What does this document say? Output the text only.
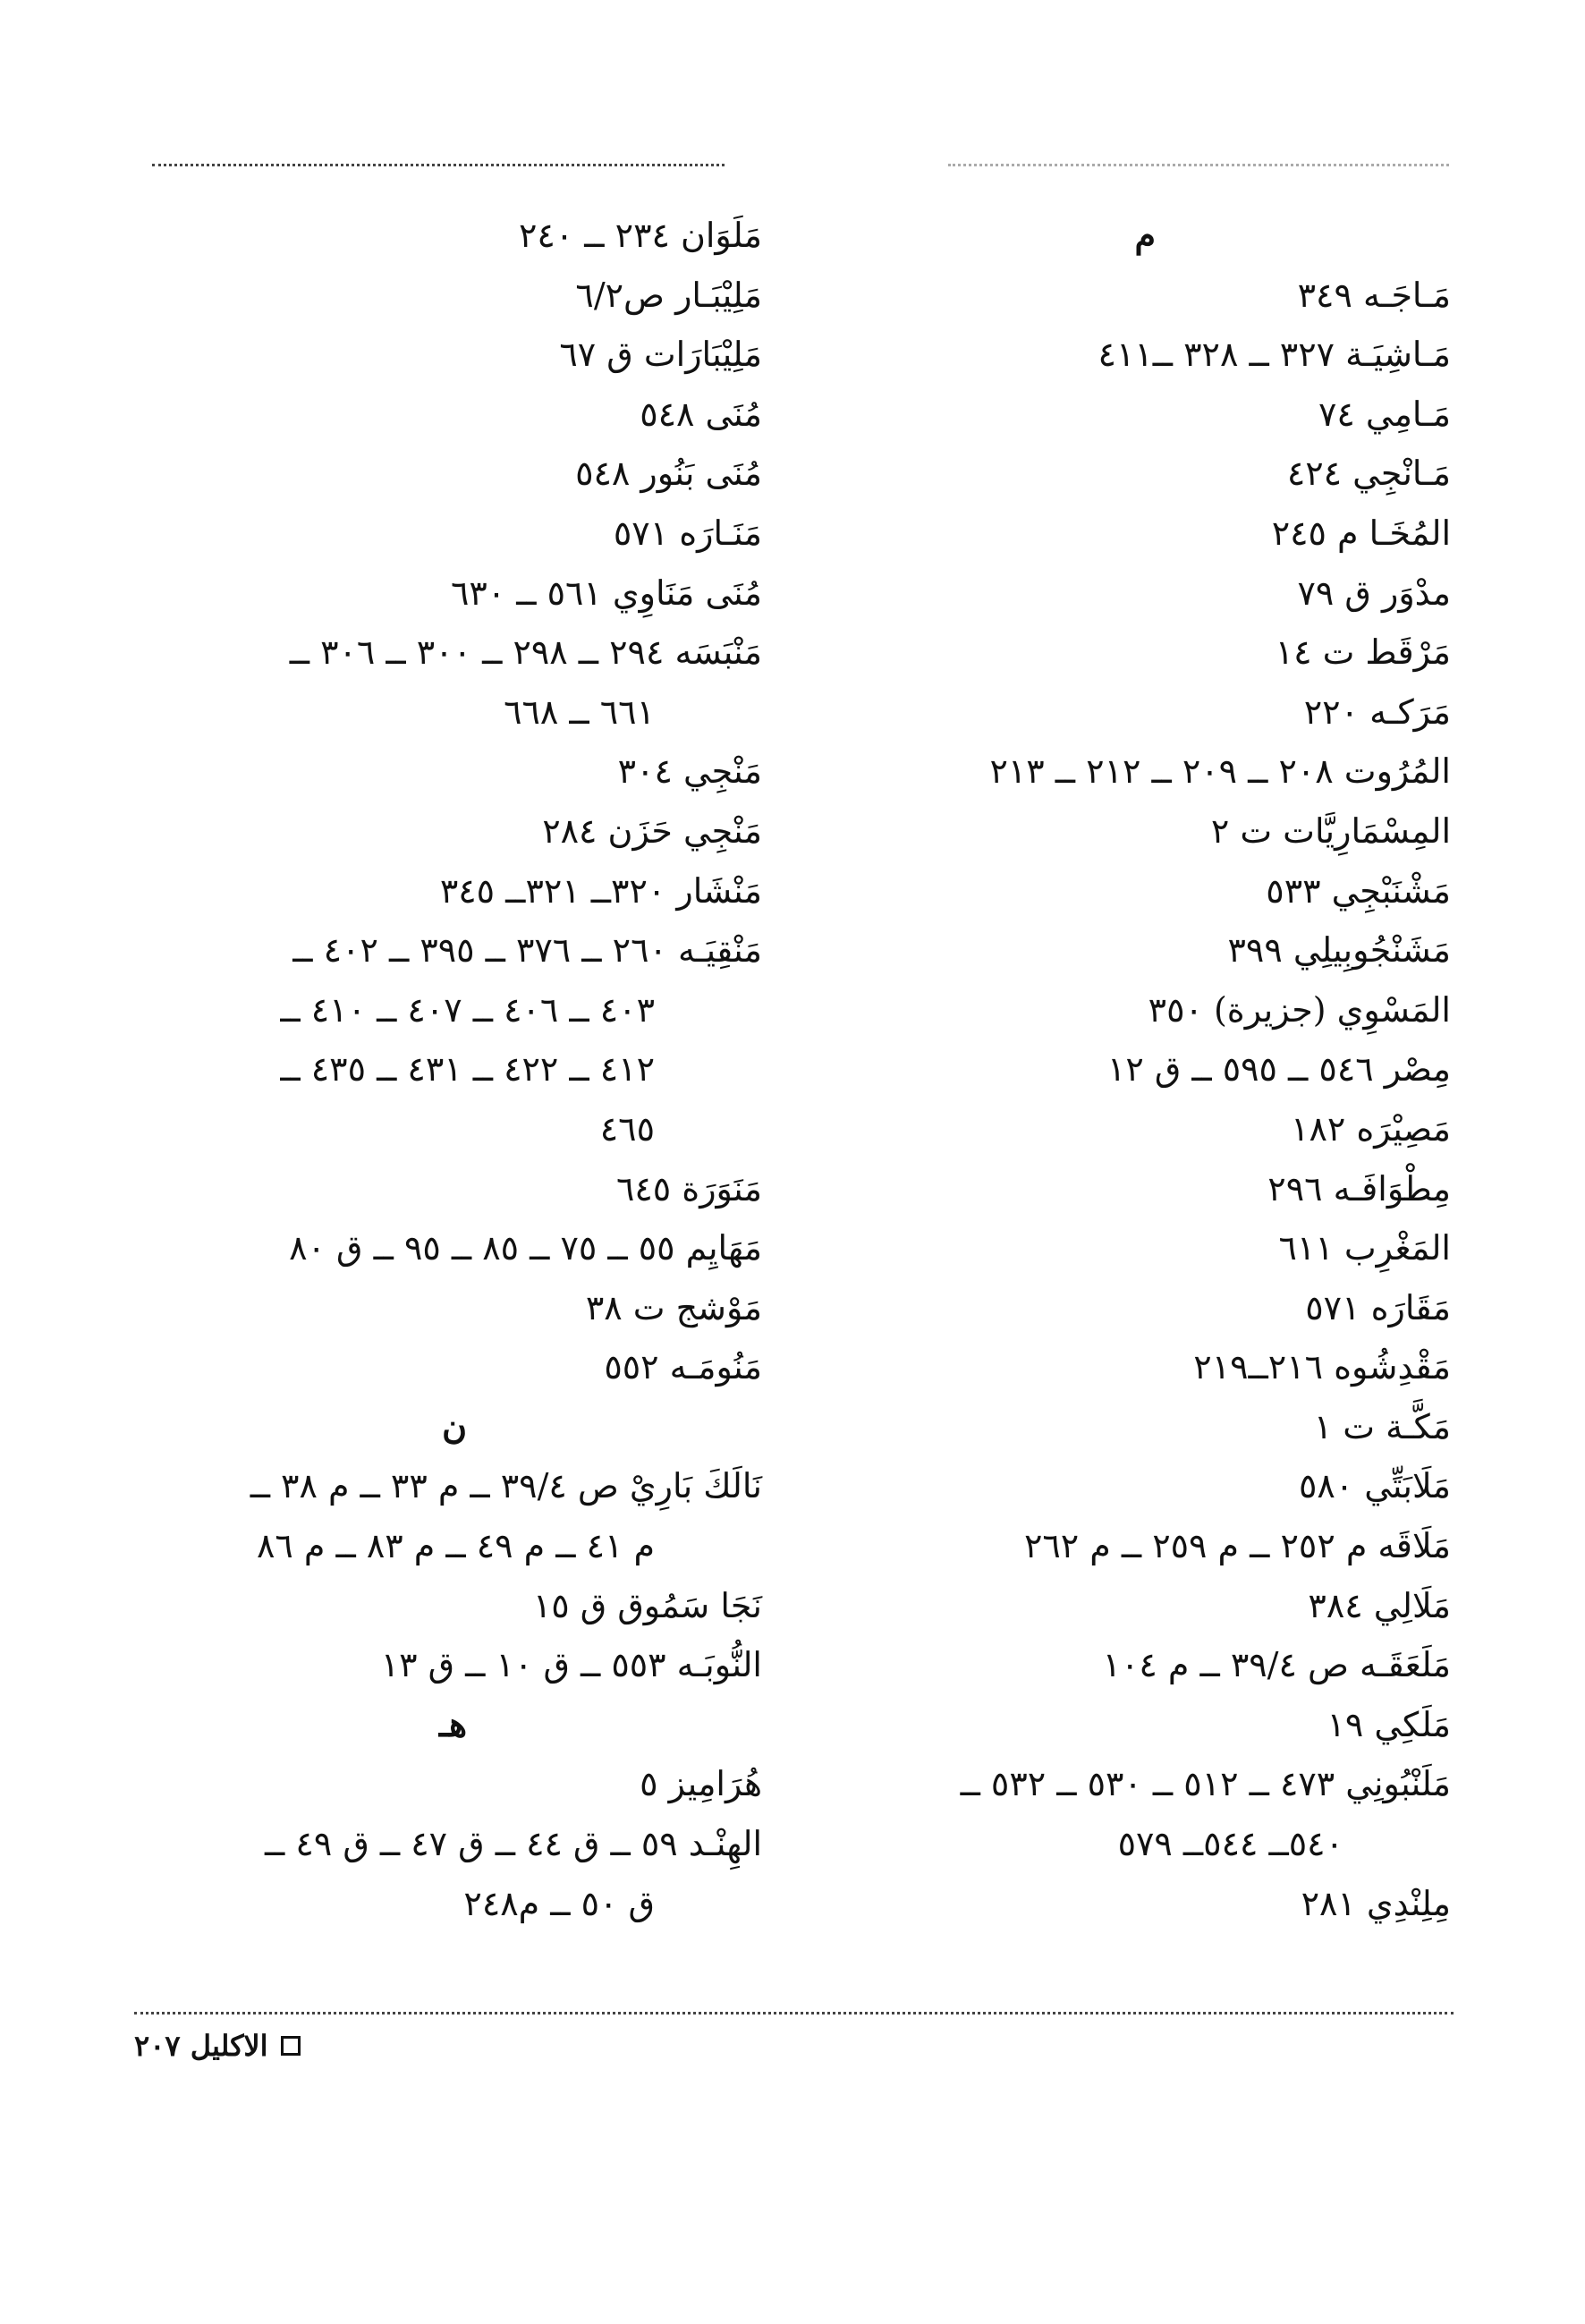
م
مَـاجَـه ٣٤٩
مَـاشِيَـة ٣٢٧ ــ ٣٢٨ ــ٤١١
مَـامِي ٧٤
مَـانْجِي ٤٢٤
المُخَـا م ٢٤٥
مدْوَر ق ٧٩
مَرْقَط ت ١٤
مَرَكـه ٢٢٠
المُرُوت ٢٠٨ ــ ٢٠٩ ــ ٢١٢ ــ ٢١٣
المِسْمَارِيَّات ت ٢
مَشْنَبْجِي ٥٣٣
مَشَنْجُوبِيلِي ٣٩٩
المَسْوِي (جزيرة) ٣٥٠
مِصْر ٥٤٦ ــ ٥٩٥ ــ ق ١٢
مَصِيْرَه ١٨٢
مِطْوَافَـه ٢٩٦
المَغْرِب ٦١١
مَقَارَه ٥٧١
مَقْدِشُوه ٢١٦ــ٢١٩
مَكَّـة ت ١
مَلَابَتِّي ٥٨٠
مَلَاقَه م ٢٥٢ ــ م ٢٥٩ ــ م ٢٦٢
مَلَالِي ٣٨٤
مَلَعَقَـه ص ٣٩/٤ ــ م ١٠٤
مَلَكِي ١٩
مَلَنْبُونِي ٤٧٣ ــ ٥١٢ ــ ٥٣٠ ــ ٥٣٢ ــ
٥٤٠ــ ٥٤٤ــ ٥٧٩
مِلِنْدِي ٢٨١
مَلَوَان ٢٣٤ ــ ٢٤٠
مَلِيْبَـار ص٦/٢
مَلِيْبَارَات ق ٦٧
مُنَى ٥٤٨
مُنَى بَنُور ٥٤٨
مَنَـارَه ٥٧١
مُنَى مَنَاوِي ٥٦١ ــ ٦٣٠
مَنْبَسَه ٢٩٤ ــ ٢٩٨ ــ ٣٠٠ ــ ٣٠٦ ــ
٦٦١ ــ ٦٦٨
مَنْجِي ٣٠٤
مَنْجِي حَزَن ٢٨٤
مَنْشَار ٣٢٠ــ ٣٢١ــ ٣٤٥
مَنْقِيَـه ٢٦٠ ــ ٣٧٦ ــ ٣٩٥ ــ ٤٠٢ ــ
٤٠٣ ــ ٤٠٦ ــ ٤٠٧ ــ ٤١٠ ــ
٤١٢ ــ ٤٢٢ ــ ٤٣١ ــ ٤٣٥ ــ
٤٦٥
مَنَوَرَة ٦٤٥
مَهَايِم ٥٥ ــ ٧٥ ــ ٨٥ ــ ٩٥ ــ ق ٨٠
مَوْشج ت ٣٨
مَنُومَـه ٥٥٢
ن
نَالَكَ بَارِيْ ص ٣٩/٤ ــ م ٣٣ ــ م ٣٨ ــ
م ٤١ ــ م ٤٩ ــ م ٨٣ ــ م ٨٦
نَجَا سَمُوق ق ١٥
النُّوبَـه ٥٥٣ ــ ق ١٠ ــ ق ١٣
هـ
هُرَامِيز ٥
الهِنْـد ٥٩ ــ ق ٤٤ ــ ق ٤٧ ــ ق ٤٩ ــ
ق ٥٠ ــ م٢٤٨
الاكليل ٢٠٧
